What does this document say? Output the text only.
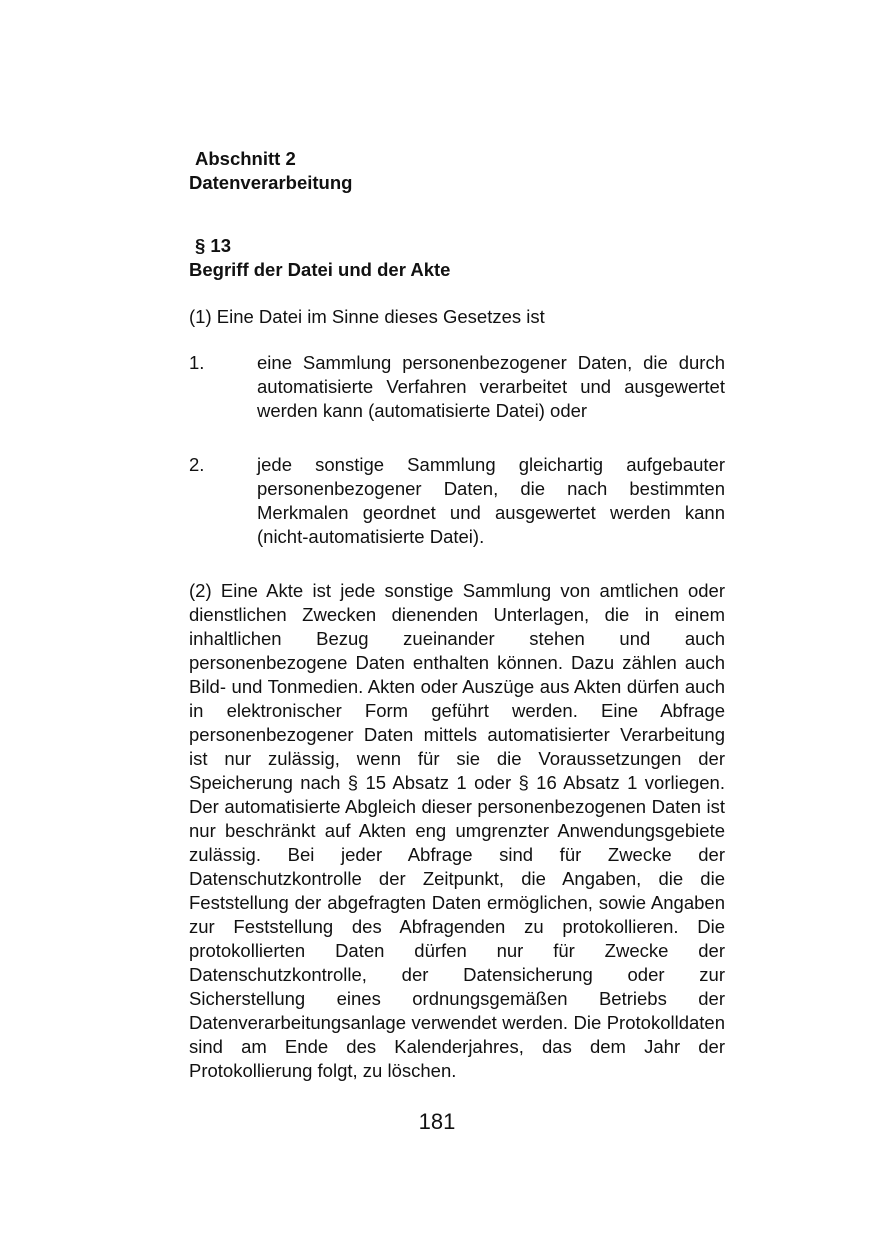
Abschnitt 2

Datenverarbeitung

§ 13

Begriff der Datei und der Akte

(1) Eine Datei im Sinne dieses Gesetzes ist

1.	eine Sammlung personenbezogener Daten, die durch automatisierte Verfahren verarbeitet und ausgewertet werden kann (automatisierte Datei) oder
2.	jede sonstige Sammlung gleichartig aufgebauter personenbezogener Daten, die nach bestimmten Merkmalen geordnet und ausgewertet werden kann (nicht-automatisierte Datei).

(2) Eine Akte ist jede sonstige Sammlung von amtlichen oder dienstlichen Zwecken dienenden Unterlagen, die in einem inhaltlichen Bezug zueinander stehen und auch personenbezogene Daten enthalten können. Dazu zählen auch Bild- und Tonmedien. Akten oder Auszüge aus Akten dürfen auch in elektronischer Form geführt werden. Eine Abfrage personenbezogener Daten mittels automatisierter Verarbeitung ist nur zulässig, wenn für sie die Voraussetzungen der Speicherung nach § 15 Absatz 1 oder § 16 Absatz 1 vorliegen. Der automatisierte Abgleich dieser personenbezogenen Daten ist nur beschränkt auf Akten eng umgrenzter Anwendungsgebiete zulässig. Bei jeder Abfrage sind für Zwecke der Datenschutzkontrolle der Zeitpunkt, die Angaben, die die Feststellung der abgefragten Daten ermöglichen, sowie Angaben zur Feststellung des Abfragenden zu protokollieren. Die protokollierten Daten dürfen nur für Zwecke der Datenschutzkontrolle, der Datensicherung oder zur Sicherstellung eines ordnungsgemäßen Betriebs der Datenverarbeitungsanlage verwendet werden. Die Protokolldaten sind am Ende des Kalenderjahres, das dem Jahr der Protokollierung folgt, zu löschen.

181
